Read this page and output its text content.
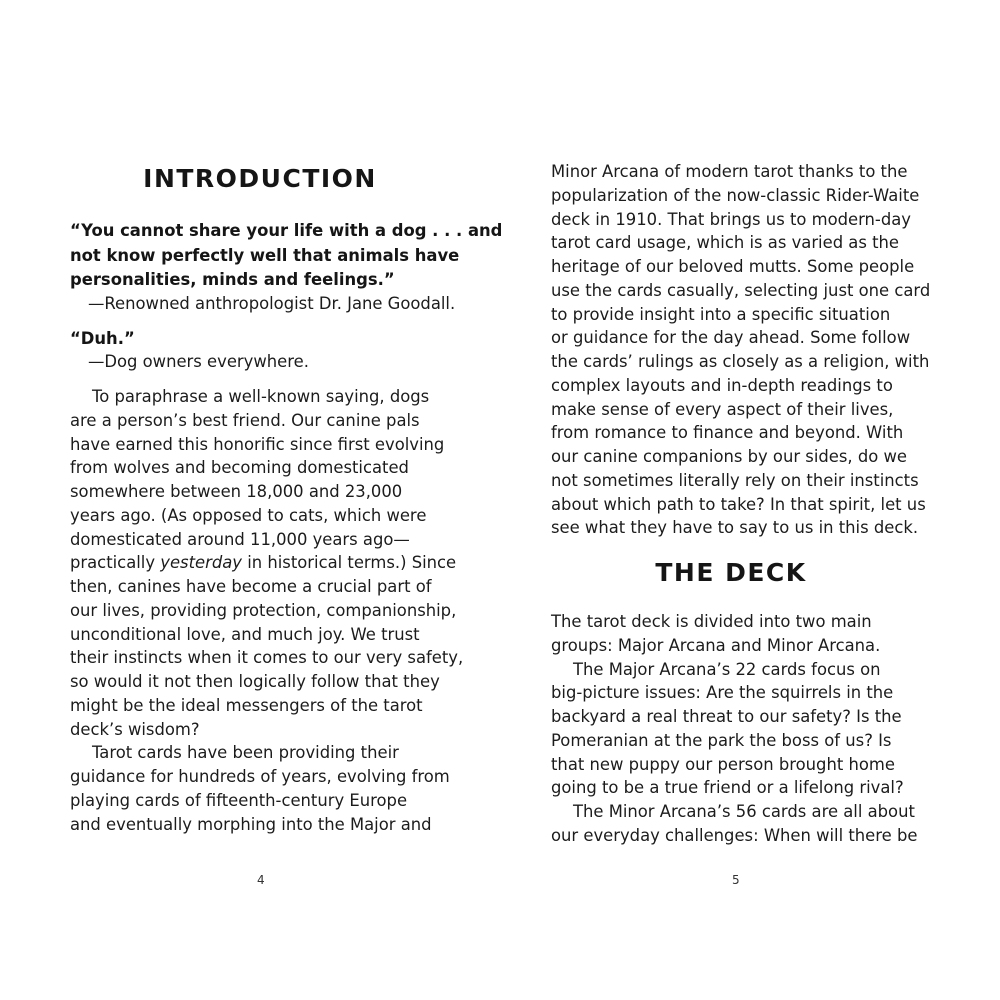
INTRODUCTION
“You cannot share your life with a dog . . . and
not know perfectly well that animals have
personalities, minds and feelings.”
—Renowned anthropologist Dr. Jane Goodall.
“Duh.”
—Dog owners everywhere.
To paraphrase a well-known saying, dogs
are a person’s best friend. Our canine pals
have earned this honorific since first evolving
from wolves and becoming domesticated
somewhere between 18,000 and 23,000
years ago. (As opposed to cats, which were
domesticated around 11,000 years ago—
practically yesterday in historical terms.) Since
then, canines have become a crucial part of
our lives, providing protection, companionship,
unconditional love, and much joy. We trust
their instincts when it comes to our very safety,
so would it not then logically follow that they
might be the ideal messengers of the tarot
deck’s wisdom?
Tarot cards have been providing their
guidance for hundreds of years, evolving from
playing cards of fifteenth-century Europe
and eventually morphing into the Major and
4
Minor Arcana of modern tarot thanks to the
popularization of the now-classic Rider-Waite
deck in 1910. That brings us to modern-day
tarot card usage, which is as varied as the
heritage of our beloved mutts. Some people
use the cards casually, selecting just one card
to provide insight into a specific situation
or guidance for the day ahead. Some follow
the cards’ rulings as closely as a religion, with
complex layouts and in-depth readings to
make sense of every aspect of their lives,
from romance to finance and beyond. With
our canine companions by our sides, do we
not sometimes literally rely on their instincts
about which path to take? In that spirit, let us
see what they have to say to us in this deck.
THE DECK
The tarot deck is divided into two main
groups: Major Arcana and Minor Arcana.
The Major Arcana’s 22 cards focus on
big-picture issues: Are the squirrels in the
backyard a real threat to our safety? Is the
Pomeranian at the park the boss of us? Is
that new puppy our person brought home
going to be a true friend or a lifelong rival?
The Minor Arcana’s 56 cards are all about
our everyday challenges: When will there be
5
